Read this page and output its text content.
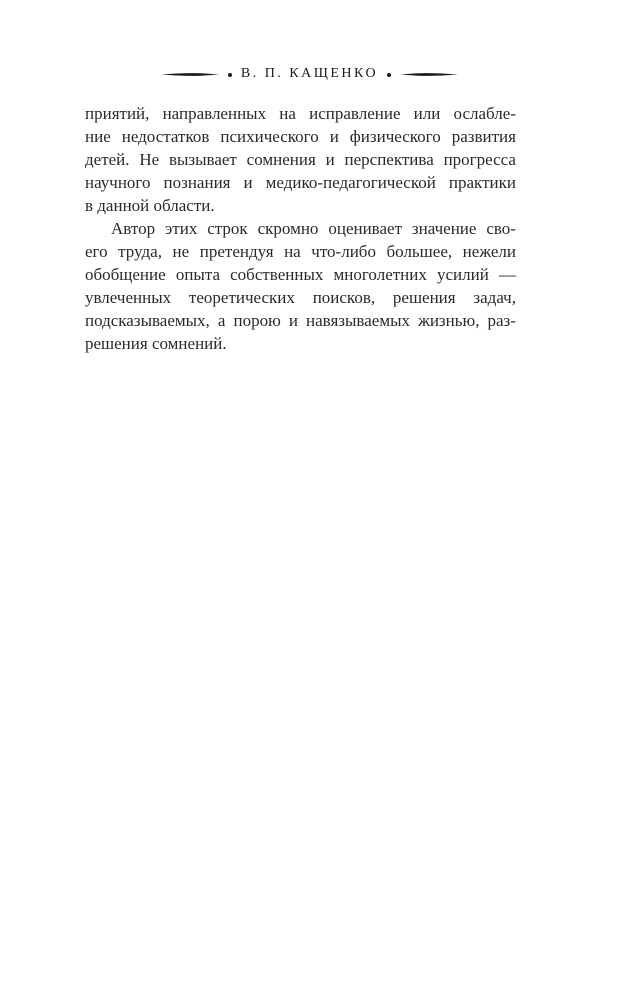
В. П. КАЩЕНКО
приятий, направленных на исправление или ослабле-
ние недостатков психического и физического развития
детей. Не вызывает сомнения и перспектива прогресса
научного познания и медико-педагогической практики
в данной области.
Автор этих строк скромно оценивает значение сво-
его труда, не претендуя на что-либо большее, нежели
обобщение опыта собственных многолетних усилий —
увлеченных теоретических поисков, решения задач,
подсказываемых, а порою и навязываемых жизнью, раз-
решения сомнений.
